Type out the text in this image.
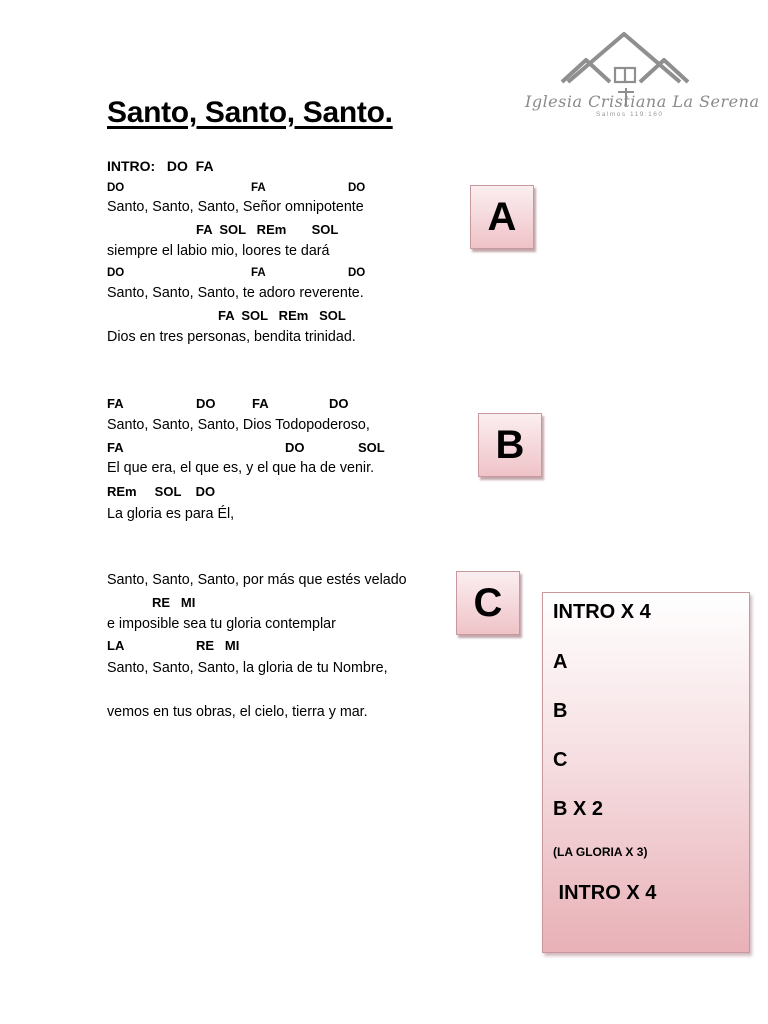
Iglesia Cristiana La Serena
Salmos 119:160
Santo, Santo, Santo.
INTRO:   DO  FA
DO	FA	DO
Santo, Santo, Santo, Señor omnipotente
FA  SOL   REm       SOL
siempre el labio mio, loores te dará
DO	FA	DO
Santo, Santo, Santo, te adoro reverente.
FA  SOL   REm   SOL
Dios en tres personas, bendita trinidad.
FA	DO	FA	DO
Santo, Santo, Santo, Dios Todopoderoso,
FA	DO	SOL
El que era, el que es, y el que ha de venir.
REm     SOL    DO
La gloria es para Él,
Santo, Santo, Santo, por más que estés velado
RE   MI
e imposible sea tu gloria contemplar
LA	RE   MI
Santo, Santo, Santo, la gloria de tu Nombre,
vemos en tus obras, el cielo, tierra y mar.
A
B
C	INTRO X 4
A
B
C
B X 2
(LA GLORIA X 3)
INTRO X 4
